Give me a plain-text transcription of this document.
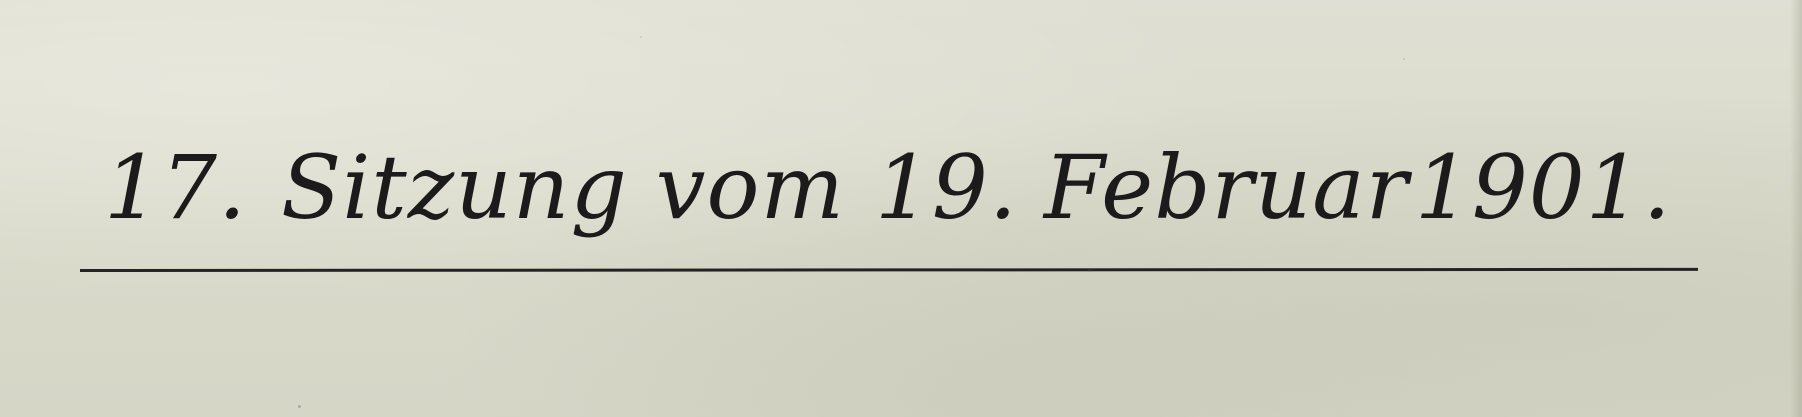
17. Sitzung vom 19. Februar1901.
